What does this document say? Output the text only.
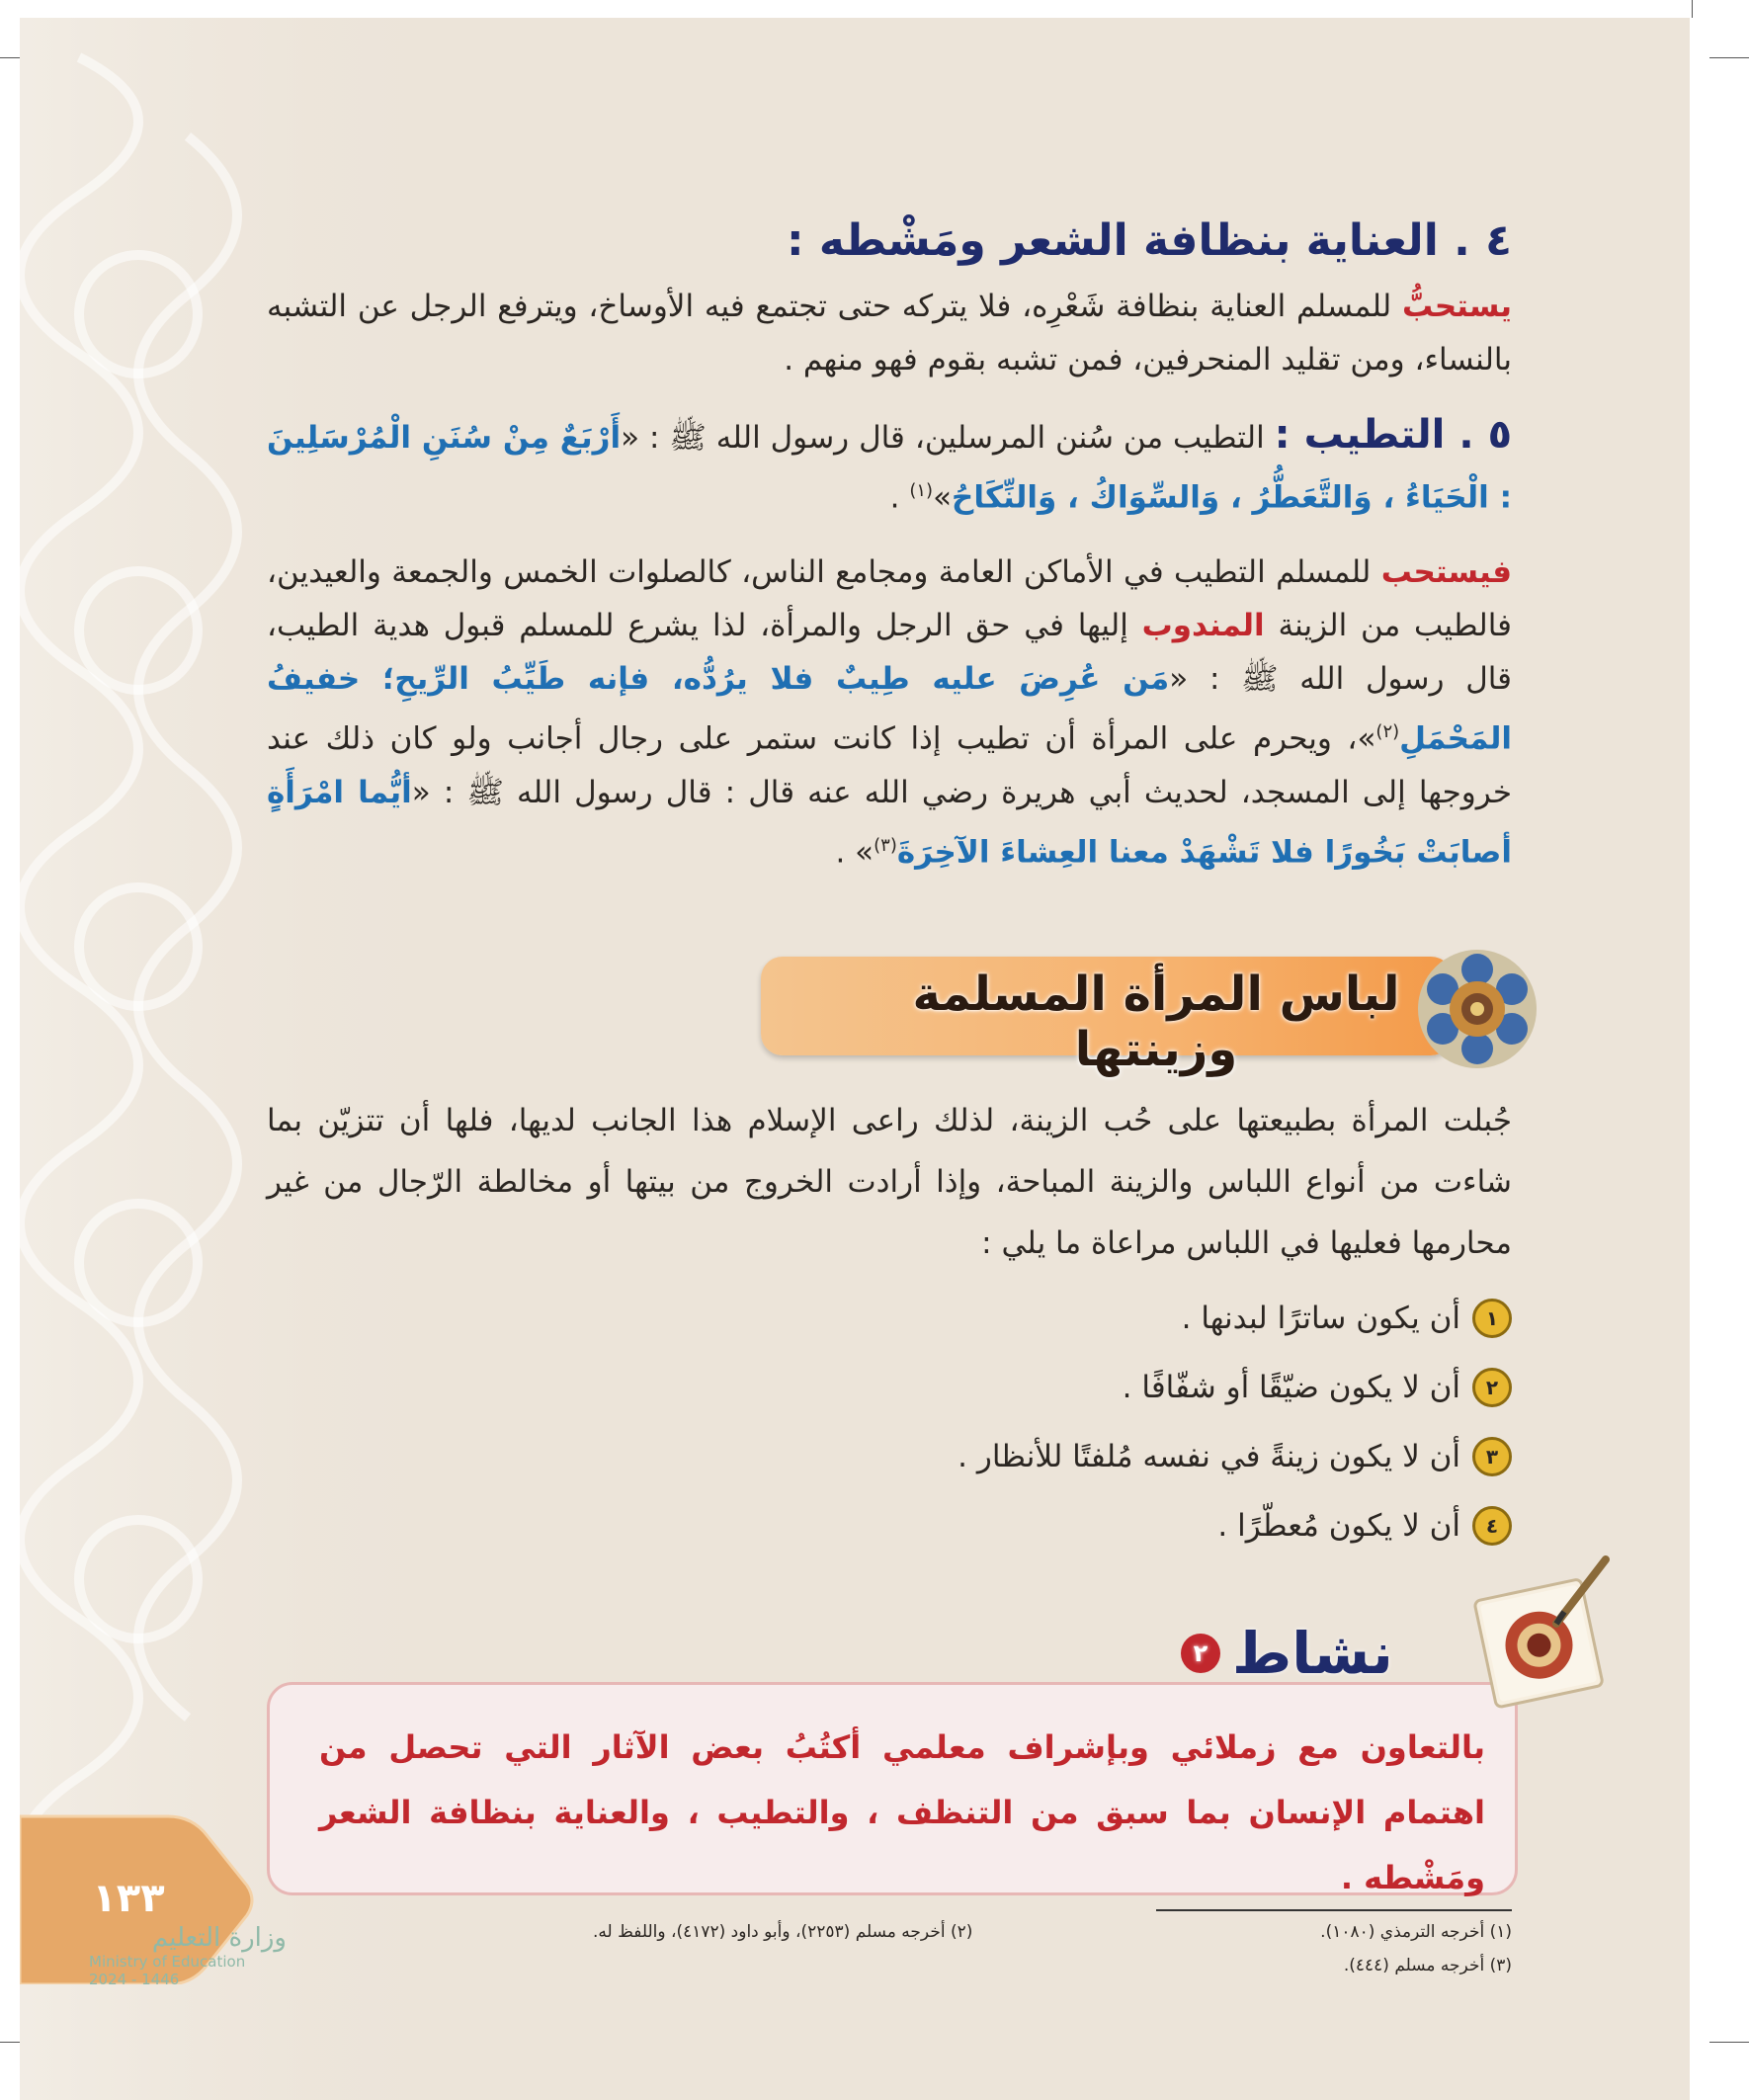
٤ . العناية بنظافة الشعر ومَشْطه :

يستحبُّ للمسلم العناية بنظافة شَعْرِه، فلا يتركه حتى تجتمع فيه الأوساخ، ويترفع الرجل عن التشبه بالنساء، ومن تقليد المنحرفين، فمن تشبه بقوم فهو منهم .

٥ . التطيب : التطيب من سُنن المرسلين، قال رسول الله ﷺ : «أَرْبَعٌ مِنْ سُنَنِ الْمُرْسَلِينَ : الْحَيَاءُ ، وَالتَّعَطُّرُ ، وَالسِّوَاكُ ، وَالنِّكَاحُ»$^{(١)}$ .

فيستحب للمسلم التطيب في الأماكن العامة ومجامع الناس، كالصلوات الخمس والجمعة والعيدين، فالطيب من الزينة المندوب إليها في حق الرجل والمرأة، لذا يشرع للمسلم قبول هدية الطيب، قال رسول الله ﷺ : «مَن عُرِضَ عليه طِيبٌ فلا يرُدُّه، فإنه طَيِّبُ الرِّيحِ؛ خفيفُ المَحْمَلِ$^{(٢)}$»، ويحرم على المرأة أن تطيب إذا كانت ستمر على رجال أجانب ولو كان ذلك عند خروجها إلى المسجد، لحديث أبي هريرة رضي الله عنه قال : قال رسول الله ﷺ : «أيُّما امْرَأَةٍ أصابَتْ بَخُورًا فلا تَشْهَدْ معنا العِشاءَ الآخِرَةَ$^{(٣)}$» .

لباس المرأة المسلمة وزينتها

جُبلت المرأة بطبيعتها على حُب الزينة، لذلك راعى الإسلام هذا الجانب لديها، فلها أن تتزيّن بما شاءت من أنواع اللباس والزينة المباحة، وإذا أرادت الخروج من بيتها أو مخالطة الرّجال من غير محارمها فعليها في اللباس مراعاة ما يلي :

١
أن يكون ساترًا لبدنها .
٢
أن لا يكون ضيّقًا أو شفّافًا .
٣
أن لا يكون زينةً في نفسه مُلفتًا للأنظار .
٤
أن لا يكون مُعطّرًا .
بالتعاون مع زملائي وبإشراف معلمي أكتُبُ بعض الآثار التي تحصل من اهتمام الإنسان بما سبق من التنظف ، والتطيب ، والعناية بنظافة الشعر ومَشْطه .
نشاط
٢
١٣٣
وزارة التعليم
Ministry of Education
2024 - 1446
(١) أخرجه الترمذي (١٠٨٠).
(٢) أخرجه مسلم (٢٢٥٣)، وأبو داود (٤١٧٢)، واللفظ له.
(٣) أخرجه مسلم (٤٤٤).
